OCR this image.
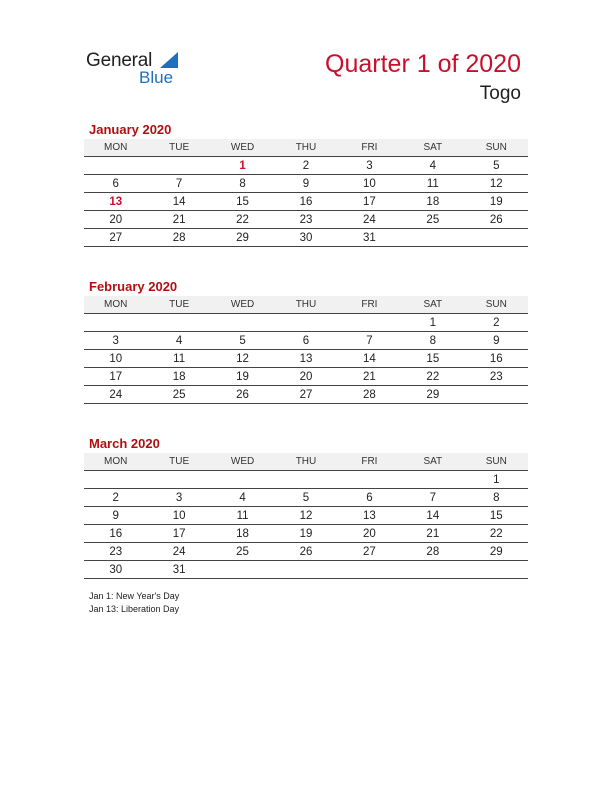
General
Blue	Quarter 1 of 2020
Togo
January 2020
MON	TUE	WED	THU	FRI	SAT	SUN
		1	2	3	4	5
6	7	8	9	10	11	12
13	14	15	16	17	18	19
20	21	22	23	24	25	26
27	28	29	30	31		
February 2020
MON	TUE	WED	THU	FRI	SAT	SUN
					1	2
3	4	5	6	7	8	9
10	11	12	13	14	15	16
17	18	19	20	21	22	23
24	25	26	27	28	29	
March 2020
MON	TUE	WED	THU	FRI	SAT	SUN
						1
2	3	4	5	6	7	8
9	10	11	12	13	14	15
16	17	18	19	20	21	22
23	24	25	26	27	28	29
30	31					
Jan 1: New Year's Day
Jan 13: Liberation Day
